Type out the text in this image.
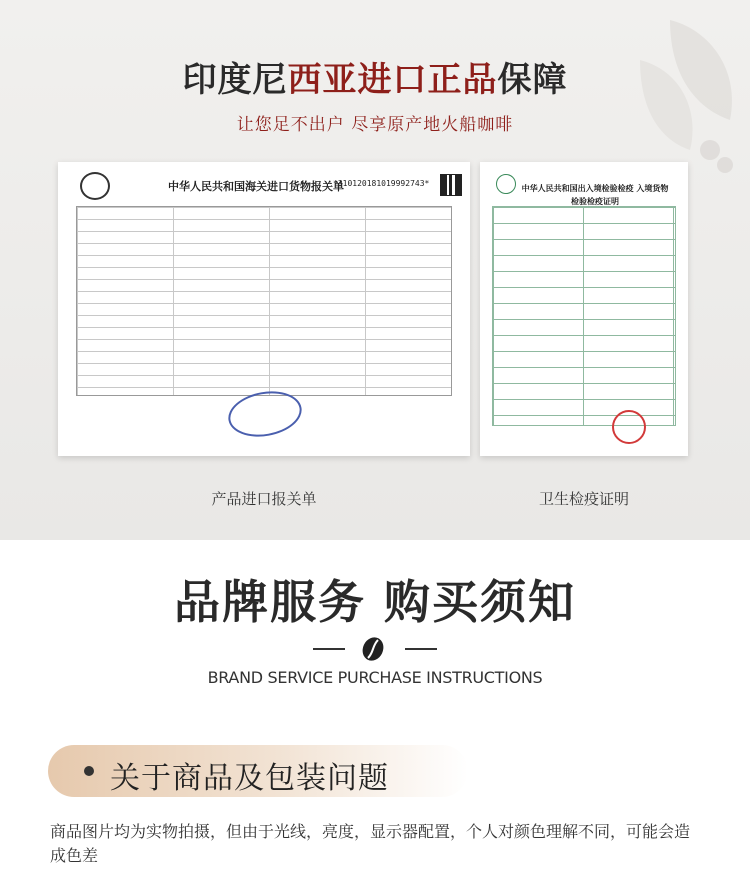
印度尼西亚进口正品保障
让您足不出户 尽享原产地火船咖啡
中华人民共和国海关进口货物报关单
*310120181019992743*
中华人民共和国出入境检验检疫 入境货物检验检疫证明
产品进口报关单	卫生检疫证明
品牌服务 购买须知
BRAND SERVICE PURCHASE INSTRUCTIONS
关于商品及包装问题
商品图片均为实物拍摄，但由于光线，亮度，显示器配置，个人对颜色理解不同，可能会造成色差
